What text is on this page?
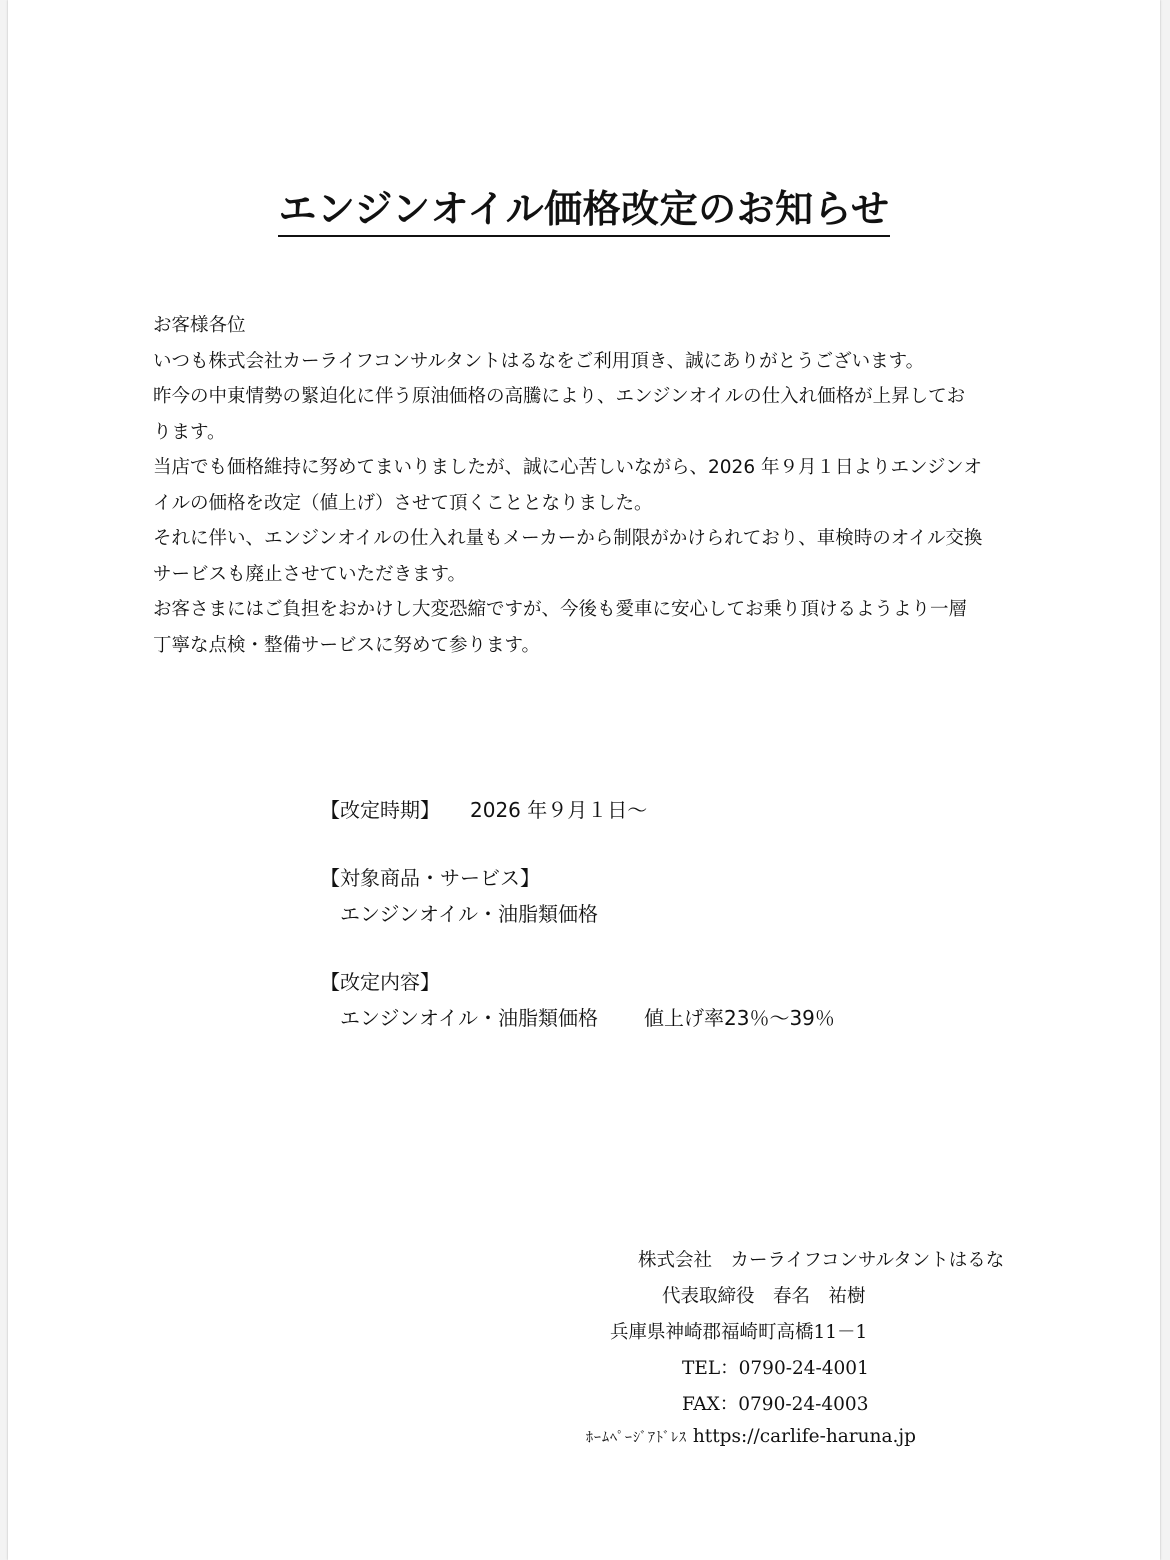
エンジンオイル価格改定のお知らせ

お客様各位

いつも株式会社カーライフコンサルタントはるなをご利用頂き、誠にありがとうございます。

昨今の中東情勢の緊迫化に伴う原油価格の高騰により、エンジンオイルの仕入れ価格が上昇してお

ります。

当店でも価格維持に努めてまいりましたが、誠に心苦しいながら、2026 年９月１日よりエンジンオ

イルの価格を改定（値上げ）させて頂くこととなりました。

それに伴い、エンジンオイルの仕入れ量もメーカーから制限がかけられており、車検時のオイル交換

サービスも廃止させていただきます。

お客さまにはご負担をおかけし大変恐縮ですが、今後も愛車に安心してお乗り頂けるようより一層

丁寧な点検・整備サービスに努めて参ります。

【改定時期】 2026 年９月１日～
【対象商品・サービス】
エンジンオイル・油脂類価格
【改定内容】
エンジンオイル・油脂類価格 値上げ率23％～39％
株式会社　カーライフコンサルタントはるな
代表取締役　春名　祐樹
兵庫県神崎郡福崎町高橋11－1
TEL：0790-24-4001
FAX：0790-24-4003
ﾎｰﾑﾍﾟｰｼﾞｱﾄﾞﾚｽ https://carlife-haruna.jp
